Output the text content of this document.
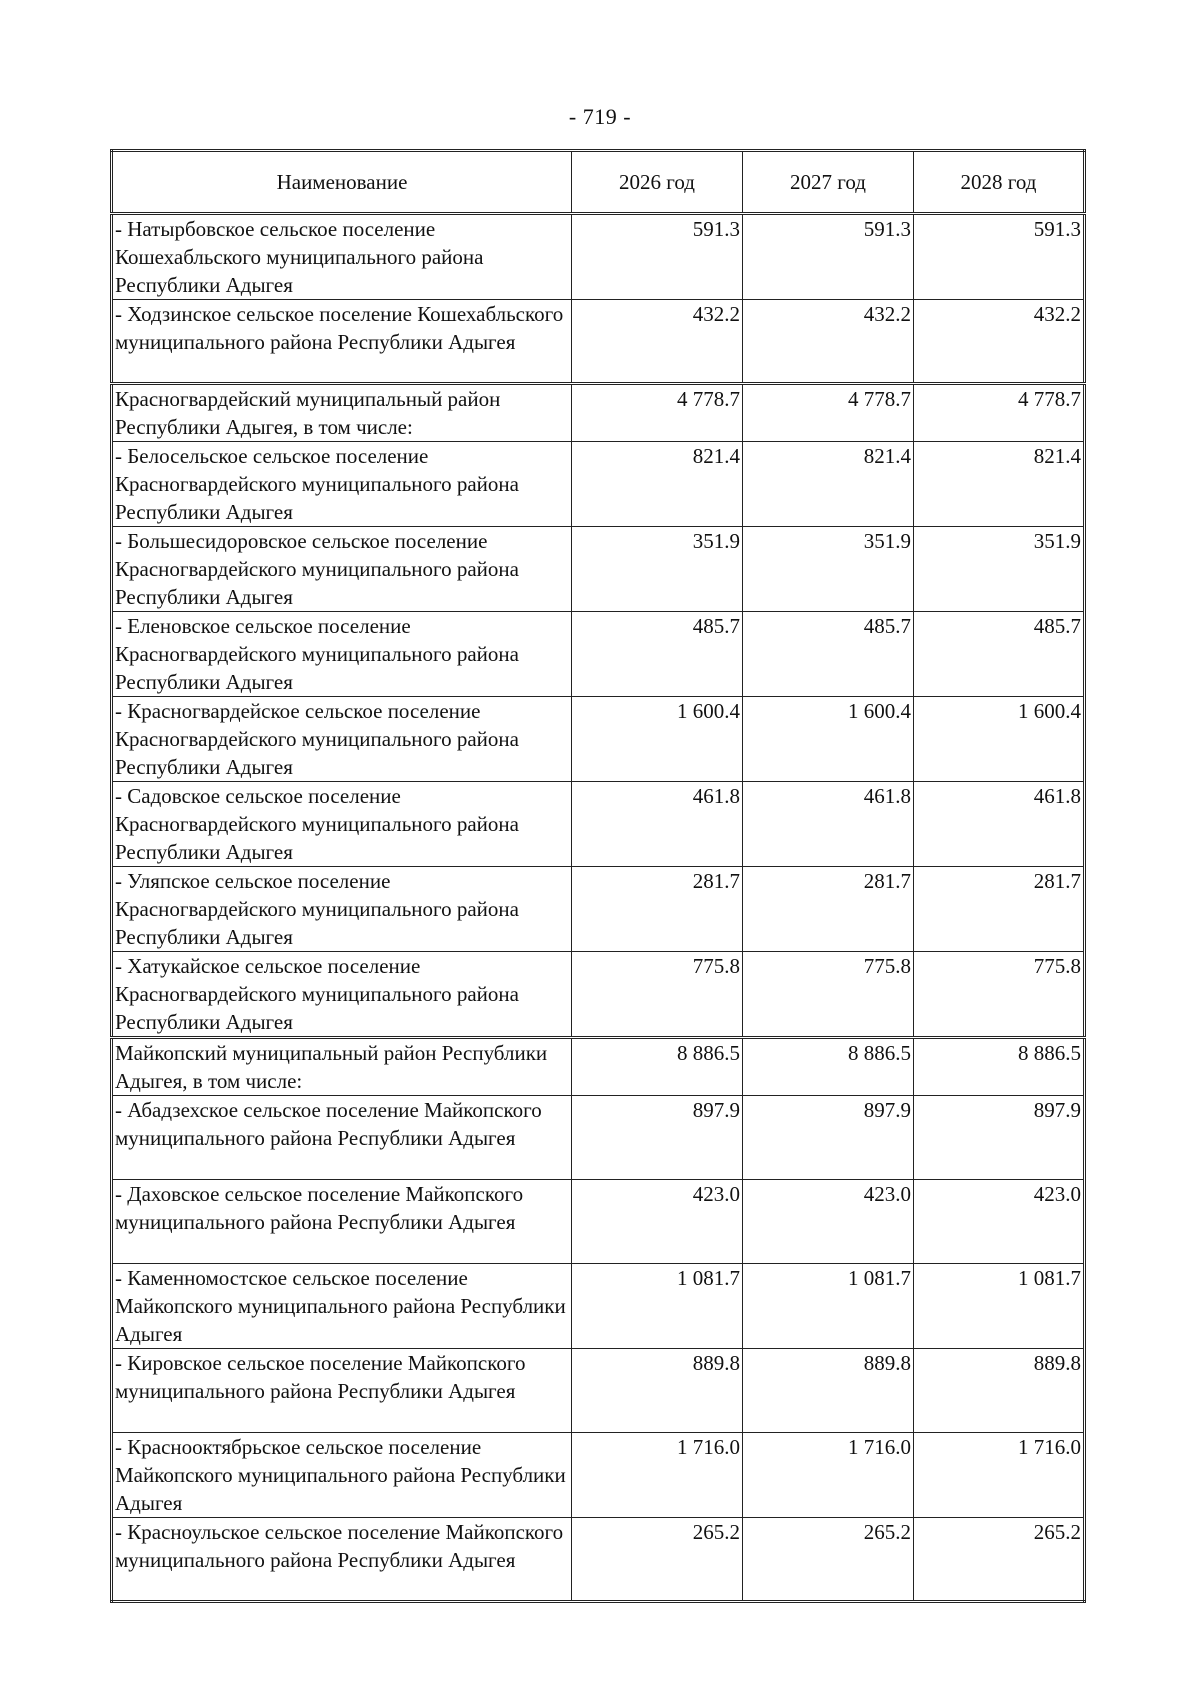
- 719 -
Наименование	2026 год	2027 год	2028 год

- Натырбовское сельское поселение Кошехабльского муниципального района Республики Адыгея	591.3	591.3	591.3

- Ходзинское сельское поселение Кошехабльского муниципального района Республики Адыгея	432.2	432.2	432.2
Красногвардейский муниципальный район Республики Адыгея, в том числе:	4 778.7	4 778.7	4 778.7

- Белосельское сельское поселение Красногвардейского муниципального района Республики Адыгея	821.4	821.4	821.4

- Большесидоровское сельское поселение Красногвардейского муниципального района Республики Адыгея	351.9	351.9	351.9

- Еленовское сельское поселение Красногвардейского муниципального района Республики Адыгея	485.7	485.7	485.7

- Красногвардейское сельское поселение Красногвардейского муниципального района Республики Адыгея	1 600.4	1 600.4	1 600.4

- Садовское сельское поселение Красногвардейского муниципального района Республики Адыгея	461.8	461.8	461.8

- Уляпское сельское поселение Красногвардейского муниципального района Республики Адыгея	281.7	281.7	281.7

- Хатукайское сельское поселение Красногвардейского муниципального района Республики Адыгея	775.8	775.8	775.8
Майкопский муниципальный район Республики Адыгея, в том числе:	8 886.5	8 886.5	8 886.5

- Абадзехское сельское поселение Майкопского муниципального района Республики Адыгея	897.9	897.9	897.9

- Даховское сельское поселение Майкопского муниципального района Республики Адыгея	423.0	423.0	423.0

- Каменномостское сельское поселение Майкопского муниципального района Республики Адыгея	1 081.7	1 081.7	1 081.7

- Кировское сельское поселение Майкопского муниципального района Республики Адыгея	889.8	889.8	889.8

- Краснооктябрьское сельское поселение Майкопского муниципального района Республики Адыгея	1 716.0	1 716.0	1 716.0

- Красноульское сельское поселение Майкопского муниципального района Республики Адыгея	265.2	265.2	265.2
